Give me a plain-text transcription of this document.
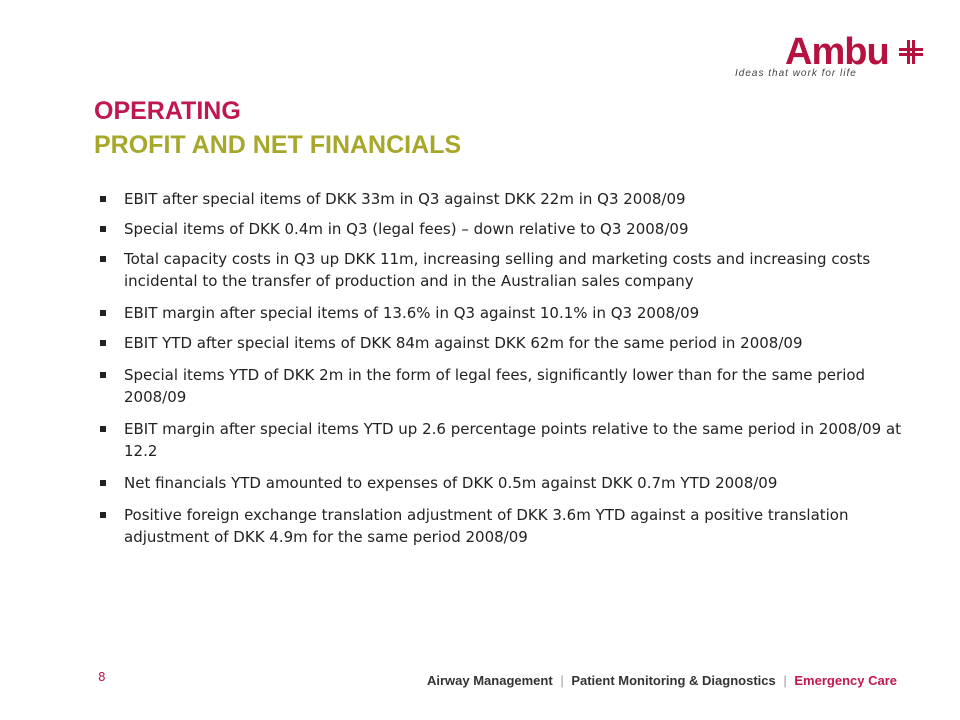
Ambu
Ideas that work for life
OPERATING
PROFIT AND NET FINANCIALS
EBIT after special items of DKK 33m in Q3 against DKK 22m in Q3 2008/09
Special items of DKK 0.4m in Q3 (legal fees) – down relative to Q3 2008/09
Total capacity costs in Q3 up DKK 11m, increasing selling and marketing costs and increasing costs incidental to the transfer of production and in the Australian sales company
EBIT margin after special items of 13.6% in Q3 against 10.1% in Q3 2008/09
EBIT YTD after special items of DKK 84m against DKK 62m for the same period in 2008/09
Special items YTD of DKK 2m in the form of legal fees, significantly lower than for the same period 2008/09
EBIT margin after special items YTD up 2.6 percentage points relative to the same period in 2008/09 at 12.2
Net financials YTD amounted to expenses of DKK 0.5m against DKK 0.7m YTD 2008/09
Positive foreign exchange translation adjustment of DKK 3.6m YTD against a positive translation adjustment of DKK 4.9m for the same period 2008/09
8	Airway Management | Patient Monitoring & Diagnostics | Emergency Care
